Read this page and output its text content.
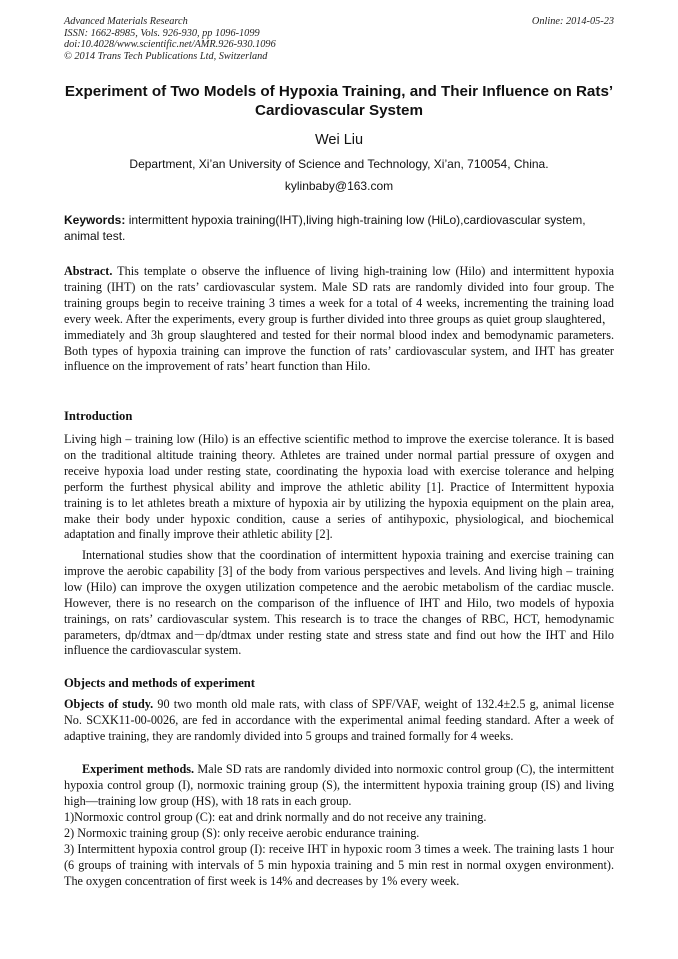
Advanced Materials Research
ISSN: 1662-8985, Vols. 926-930, pp 1096-1099
doi:10.4028/www.scientific.net/AMR.926-930.1096
© 2014 Trans Tech Publications Ltd, Switzerland
Online: 2014-05-23
Experiment of Two Models of Hypoxia Training, and Their Influence on Rats’ Cardiovascular System
Wei Liu
Department, Xi’an University of Science and Technology, Xi’an, 710054, China.
kylinbaby@163.com
Keywords: intermittent hypoxia training(IHT),living high-training low (HiLo),cardiovascular system, animal test.

Abstract. This template o observe the influence of living high-training low (Hilo) and intermittent hypoxia training (IHT) on the rats’ cardiovascular system. Male SD rats are randomly divided into four group. The training groups begin to receive training 3 times a week for a total of 4 weeks, incrementing the training load every week. After the experiments, every group is further divided into three groups as quiet group slaughtered，immediately and 3h group slaughtered and tested for their normal blood index and bemodynamic parameters. Both types of hypoxia training can improve the function of rats’ cardiovascular system, and IHT has greater influence on the improvement of rats’ heart function than Hilo.

Introduction

Living high – training low (Hilo) is an effective scientific method to improve the exercise tolerance. It is based on the traditional altitude training theory. Athletes are trained under normal partial pressure of oxygen and receive hypoxia load under resting state, coordinating the hypoxia load with exercise tolerance and helping perform the furthest physical ability and improve the athletic ability [1]. Practice of Intermittent hypoxia training is to let athletes breath a mixture of hypoxia air by utilizing the hypoxia equipment on the plain area, make their body under hypoxic condition, cause a series of antihypoxic, physiological, and biochemical adaptation and finally improve their athletic ability [2].

International studies show that the coordination of intermittent hypoxia training and exercise training can improve the aerobic capability [3] of the body from various perspectives and levels. And living high – training low (Hilo) can improve the oxygen utilization competence and the aerobic metabolism of the cardiac muscle. However, there is no research on the comparison of the influence of IHT and Hilo, two models of hypoxia trainings, on rats’ cardiovascular system. This research is to trace the changes of RBC, HCT, hemodynamic parameters, dp/dtmax and－dp/dtmax under resting state and stress state and find out how the IHT and Hilo influence the cardiovascular system.

Objects and methods of experiment

Objects of study. 90 two month old male rats, with class of SPF/VAF, weight of 132.4±2.5 g, animal license No. SCXK11-00-0026, are fed in accordance with the experimental animal feeding standard. After a week of adaptive training, they are randomly divided into 5 groups and trained formally for 4 weeks.

Experiment methods. Male SD rats are randomly divided into normoxic control group (C), the intermittent hypoxia control group (I), normoxic training group (S), the intermittent hypoxia training group (IS) and living high—training low group (HS), with 18 rats in each group.

1)Normoxic control group (C): eat and drink normally and do not receive any training.

2) Normoxic training group (S): only receive aerobic endurance training.

3) Intermittent hypoxia control group (I): receive IHT in hypoxic room 3 times a week. The training lasts 1 hour (6 groups of training with intervals of 5 min hypoxia training and 5 min rest in normal oxygen environment). The oxygen concentration of first week is 14% and decreases by 1% every week.
